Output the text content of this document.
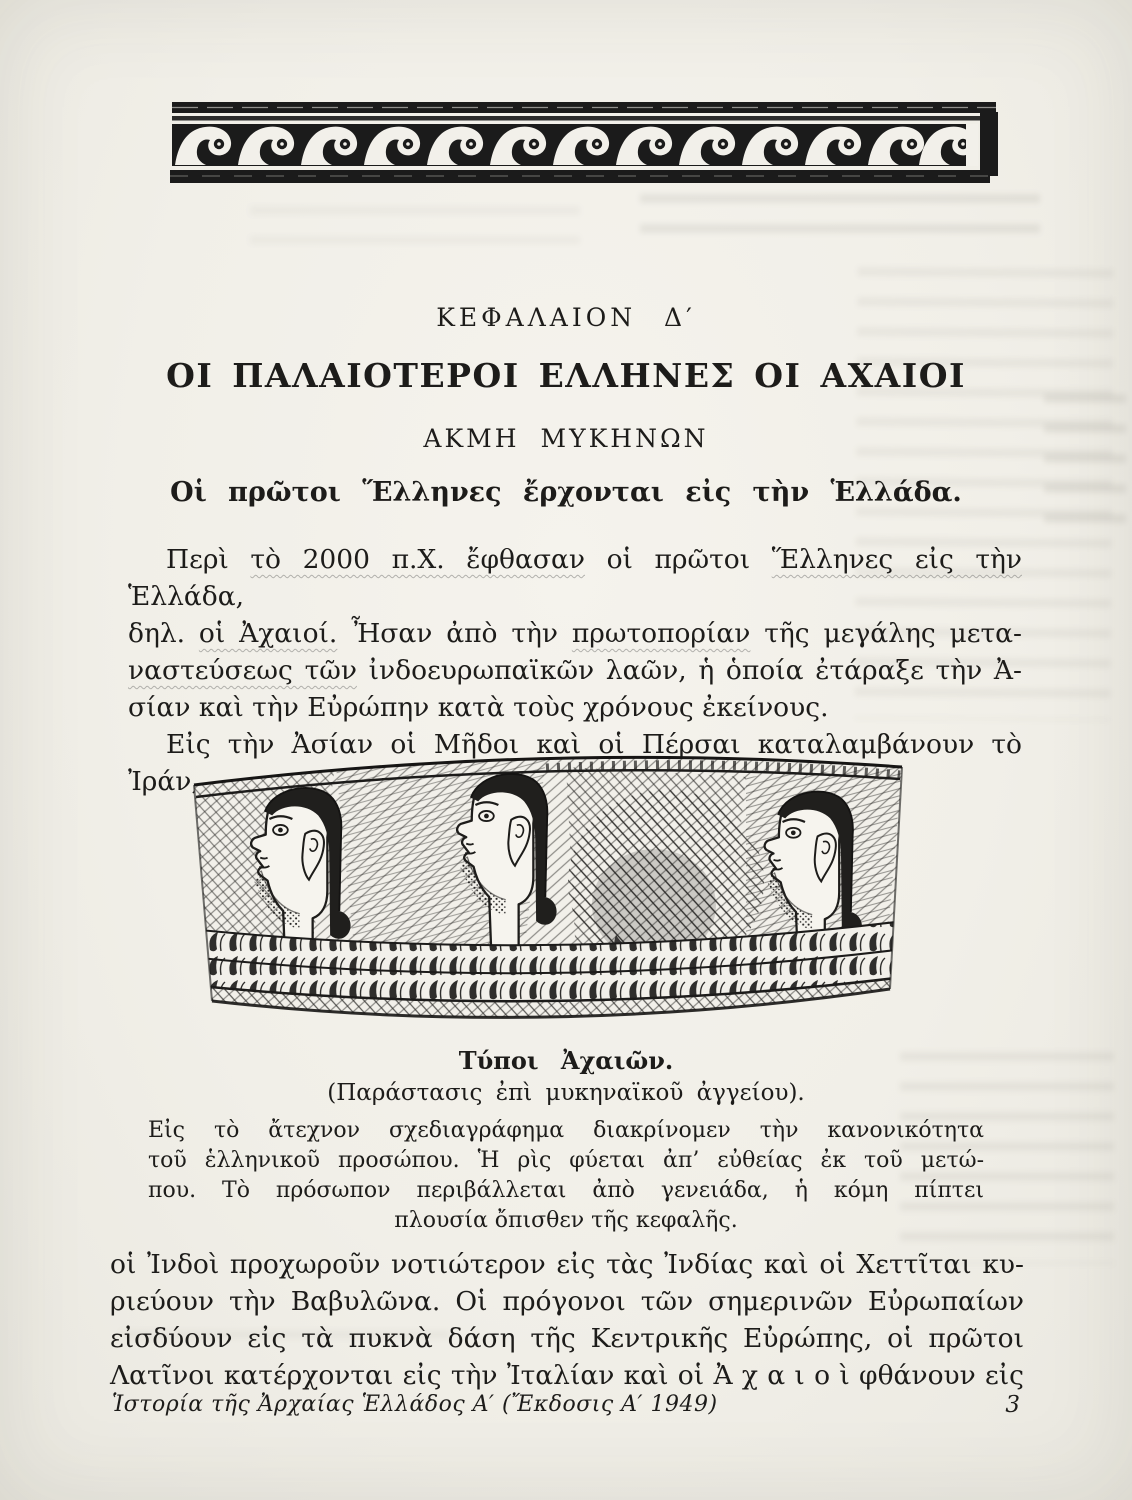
ΚΕΦΑΛΑΙΟΝ Δ′
ΟΙ ΠΑΛΑΙΟΤΕΡΟΙ ΕΛΛΗΝΕΣ ΟΙ ΑΧΑΙΟΙ
ΑΚΜΗ ΜΥΚΗΝΩΝ
Οἱ πρῶτοι Ἕλληνες ἔρχονται εἰς τὴν Ἑλλάδα.
Περὶ τὸ 2000 π.Χ. ἔφθασαν οἱ πρῶτοι Ἕλληνες εἰς τὴν Ἑλλάδα,
δηλ. οἱ Ἀχαιοί. Ἦσαν ἀπὸ τὴν πρωτοπορίαν τῆς μεγάλης μετα-
ναστεύσεως τῶν ἰνδοευρωπαϊκῶν λαῶν, ἡ ὁποία ἐτάραξε τὴν Ἀ-
σίαν καὶ τὴν Εὐρώπην κατὰ τοὺς χρόνους ἐκείνους.
Εἰς τὴν Ἀσίαν οἱ Μῆδοι καὶ οἱ Πέρσαι καταλαμβάνουν τὸ Ἰράν,
Τύποι Ἀχαιῶν.
(Παράστασις ἐπὶ μυκηναϊκοῦ ἀγγείου).
Εἰς τὸ ἄτεχνον σχεδιαγράφημα διακρίνομεν τὴν κανονικότητα
τοῦ ἑλληνικοῦ προσώπου. Ἡ ρὶς φύεται ἀπ’ εὐθείας ἐκ τοῦ μετώ-
που. Τὸ πρόσωπον περιβάλλεται ἀπὸ γενειάδα, ἡ κόμη πίπτει
πλουσία ὄπισθεν τῆς κεφαλῆς.
οἱ Ἰνδοὶ προχωροῦν νοτιώτερον εἰς τὰς Ἰνδίας καὶ οἱ Χεττῖται κυ-
ριεύουν τὴν Βαβυλῶνα. Οἱ πρόγονοι τῶν σημερινῶν Εὐρωπαίων
εἰσδύουν εἰς τὰ πυκνὰ δάση τῆς Κεντρικῆς Εὐρώπης, οἱ πρῶτοι
Λατῖνοι κατέρχονται εἰς τὴν Ἰταλίαν καὶ οἱ Ἀ χ α ι ο ὶ φθάνουν εἰς
Ἱστορία τῆς Ἀρχαίας Ἑλλάδος Α′ (Ἔκδοσις Α′ 1949)	3
